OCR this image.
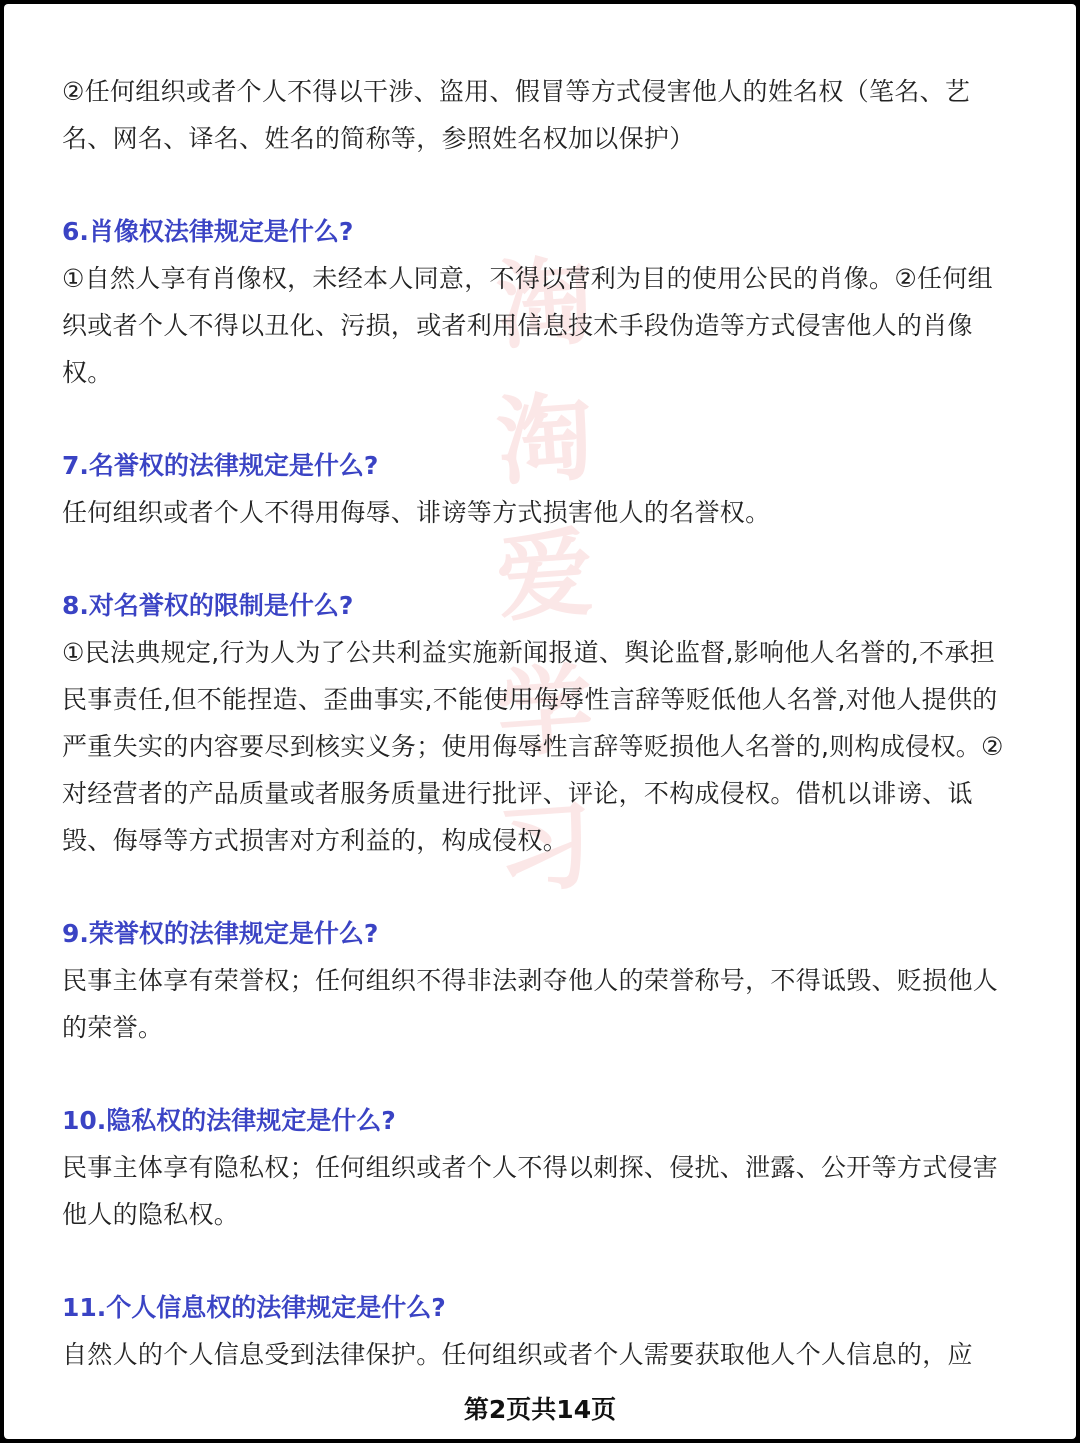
淘
淘
爱
学
习

②任何组织或者个人不得以干涉、盗用、假冒等方式侵害他人的姓名权（笔名、艺名、网名、译名、姓名的简称等，参照姓名权加以保护）

6.肖像权法律规定是什么?

①自然人享有肖像权，未经本人同意，不得以营利为目的使用公民的肖像。②任何组织或者个人不得以丑化、污损，或者利用信息技术手段伪造等方式侵害他人的肖像权。

7.名誉权的法律规定是什么?

任何组织或者个人不得用侮辱、诽谤等方式损害他人的名誉权。

8.对名誉权的限制是什么?

①民法典规定,行为人为了公共利益实施新闻报道、舆论监督,影响他人名誉的,不承担民事责任,但不能捏造、歪曲事实,不能使用侮辱性言辞等贬低他人名誉,对他人提供的严重失实的内容要尽到核实义务；使用侮辱性言辞等贬损他人名誉的,则构成侵权。②对经营者的产品质量或者服务质量进行批评、评论，不构成侵权。借机以诽谤、诋毁、侮辱等方式损害对方利益的，构成侵权。

9.荣誉权的法律规定是什么?

民事主体享有荣誉权；任何组织不得非法剥夺他人的荣誉称号，不得诋毁、贬损他人的荣誉。

10.隐私权的法律规定是什么?

民事主体享有隐私权；任何组织或者个人不得以刺探、侵扰、泄露、公开等方式侵害他人的隐私权。

11.个人信息权的法律规定是什么?

自然人的个人信息受到法律保护。任何组织或者个人需要获取他人个人信息的，应

第2页共14页
